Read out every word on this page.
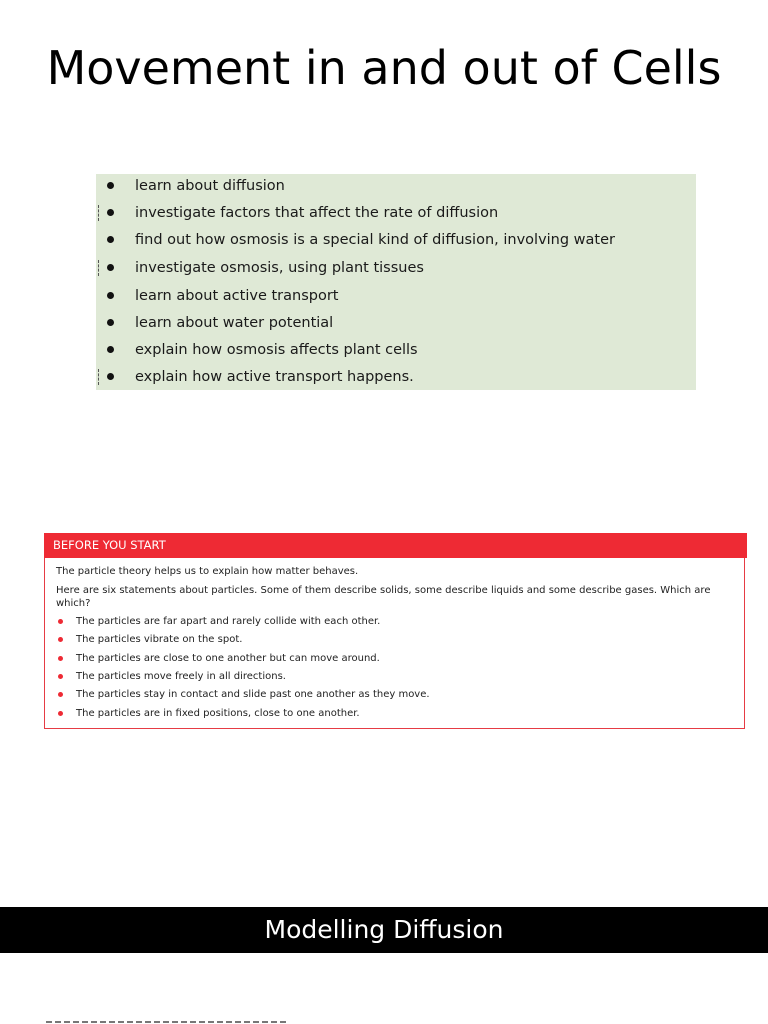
Movement in and out of Cells
learn about diffusion
investigate factors that affect the rate of diffusion
find out how osmosis is a special kind of diffusion, involving water
investigate osmosis, using plant tissues
learn about active transport
learn about water potential
explain how osmosis affects plant cells
explain how active transport happens.
BEFORE YOU START

The particle theory helps us to explain how matter behaves.

Here are six statements about particles. Some of them describe solids, some describe liquids and some describe gases. Which are which?

The particles are far apart and rarely collide with each other.
The particles vibrate on the spot.
The particles are close to one another but can move around.
The particles move freely in all directions.
The particles stay in contact and slide past one another as they move.
The particles are in fixed positions, close to one another.
Modelling Diffusion
